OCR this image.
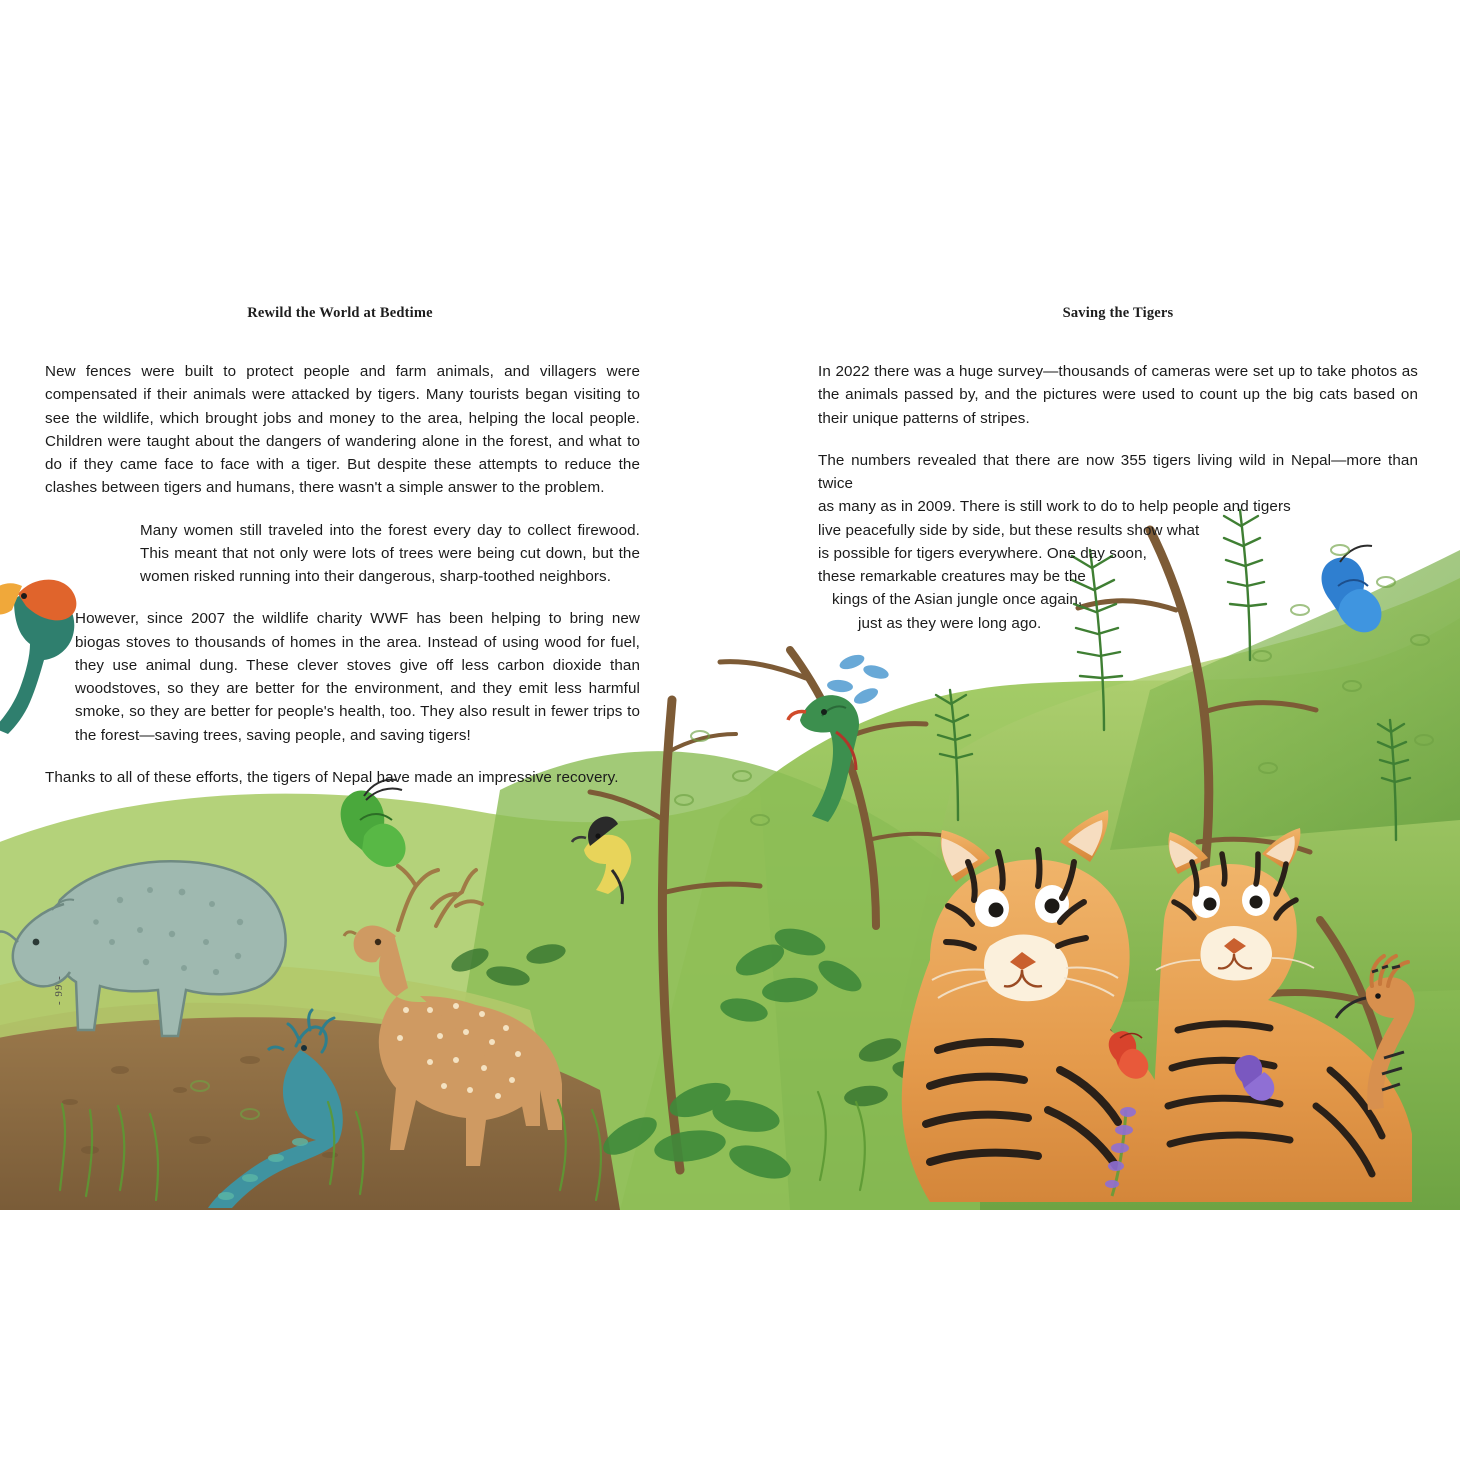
Rewild the World at Bedtime

New fences were built to protect people and farm animals, and villagers were compensated if their animals were attacked by tigers. Many tourists began visiting to see the wildlife, which brought jobs and money to the area, helping the local people. Children were taught about the dangers of wandering alone in the forest, and what to do if they came face to face with a tiger. But despite these attempts to reduce the clashes between tigers and humans, there wasn't a simple answer to the problem.

Many women still traveled into the forest every day to collect firewood. This meant that not only were lots of trees were being cut down, but the women risked running into their dangerous, sharp-toothed neighbors.

However, since 2007 the wildlife charity WWF has been helping to bring new biogas stoves to thousands of homes in the area. Instead of using wood for fuel, they use animal dung. These clever stoves give off less carbon dioxide than woodstoves, so they are better for the environment, and they emit less harmful smoke, so they are better for people's health, too. They also result in fewer trips to the forest—saving trees, saving people, and saving tigers!

Thanks to all of these efforts, the tigers of Nepal have made an impressive recovery.

- 99 -
Saving the Tigers

In 2022 there was a huge survey—thousands of cameras were set up to take photos as the animals passed by, and the pictures were used to count up the big cats based on their unique patterns of stripes.

The numbers revealed that there are now 355 tigers living wild in Nepal—more than twice
as many as in 2009. There is still work to do to help people and tigers
live peacefully side by side, but these results show what
is possible for tigers everywhere. One day soon,
these remarkable creatures may be the
kings of the Asian jungle once again,
just as they were long ago.
